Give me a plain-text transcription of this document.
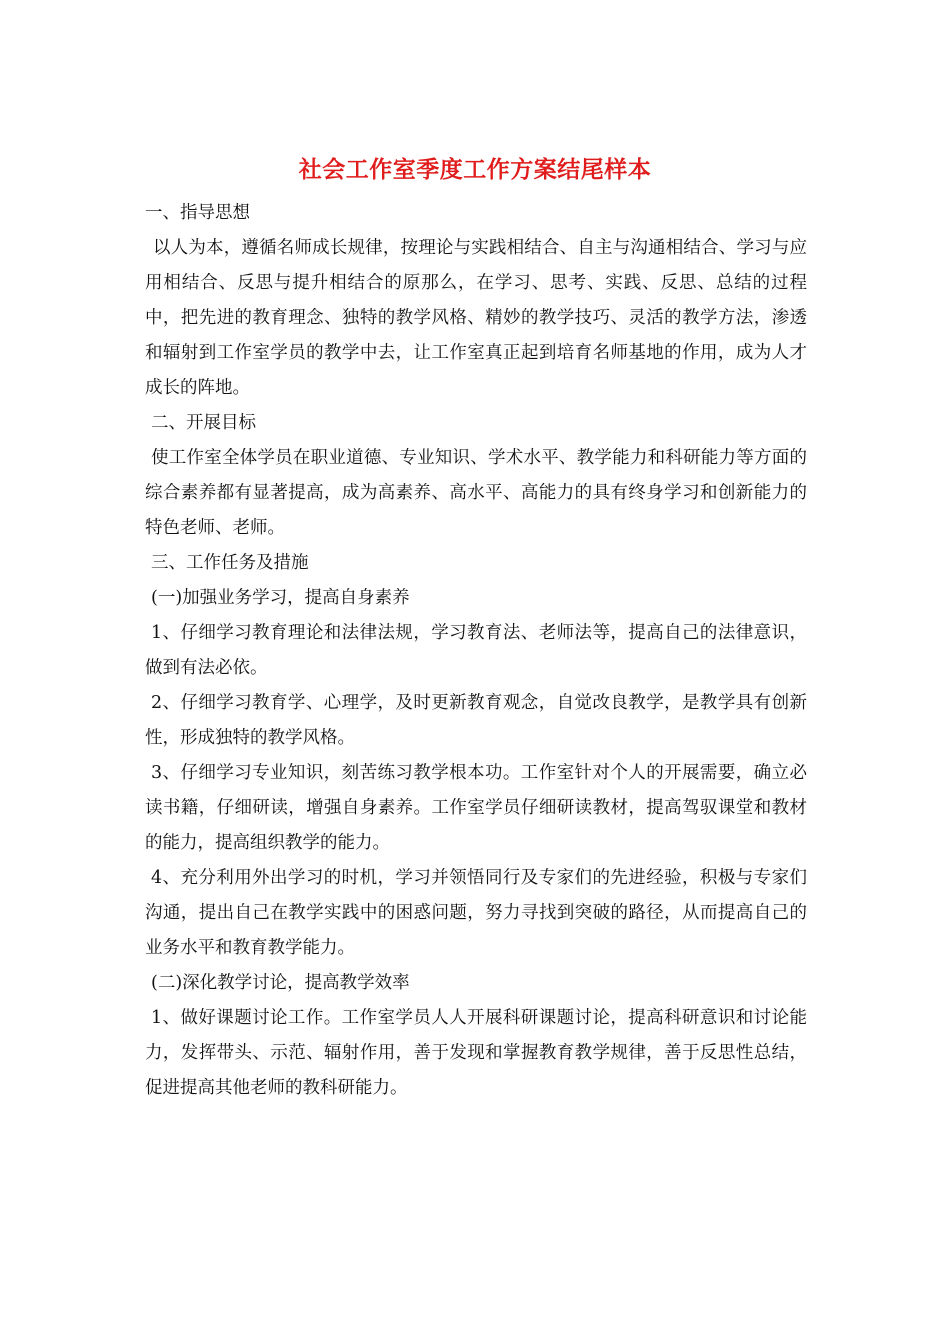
社会工作室季度工作方案结尾样本

一、指导思想

以人为本，遵循名师成长规律，按理论与实践相结合、自主与沟通相结合、学习与应用相结合、反思与提升相结合的原那么，在学习、思考、实践、反思、总结的过程中，把先进的教育理念、独特的教学风格、精妙的教学技巧、灵活的教学方法，渗透和辐射到工作室学员的教学中去，让工作室真正起到培育名师基地的作用，成为人才成长的阵地。

二、开展目标

使工作室全体学员在职业道德、专业知识、学术水平、教学能力和科研能力等方面的综合素养都有显著提高，成为高素养、高水平、高能力的具有终身学习和创新能力的特色老师、老师。

三、工作任务及措施

(一)加强业务学习，提高自身素养

1、仔细学习教育理论和法律法规，学习教育法、老师法等，提高自己的法律意识，做到有法必依。

2、仔细学习教育学、心理学，及时更新教育观念，自觉改良教学，是教学具有创新性，形成独特的教学风格。

3、仔细学习专业知识，刻苦练习教学根本功。工作室针对个人的开展需要，确立必读书籍，仔细研读，增强自身素养。工作室学员仔细研读教材，提高驾驭课堂和教材的能力，提高组织教学的能力。

4、充分利用外出学习的时机，学习并领悟同行及专家们的先进经验，积极与专家们沟通，提出自己在教学实践中的困惑问题，努力寻找到突破的路径，从而提高自己的业务水平和教育教学能力。

(二)深化教学讨论，提高教学效率

1、做好课题讨论工作。工作室学员人人开展科研课题讨论，提高科研意识和讨论能力，发挥带头、示范、辐射作用，善于发现和掌握教育教学规律，善于反思性总结，促进提高其他老师的教科研能力。
